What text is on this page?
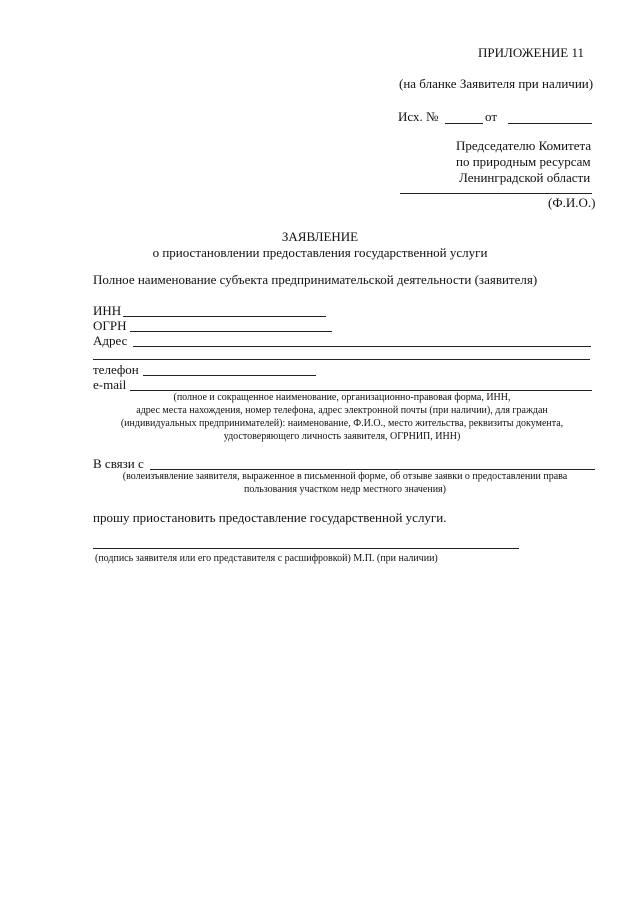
ПРИЛОЖЕНИЕ 11
(на бланке Заявителя при наличии)
Исх. №	от
Председателю Комитета
по природным ресурсам
Ленинградской области
(Ф.И.О.)
ЗАЯВЛЕНИЕ
о приостановлении предоставления государственной услуги
Полное наименование субъекта предпринимательской деятельности (заявителя)
ИНН
ОГРН
Адрес
телефон
e-mail
(полное и сокращенное наименование, организационно-правовая форма, ИНН,
адрес места нахождения, номер телефона, адрес электронной почты (при наличии), для граждан
(индивидуальных предпринимателей): наименование, Ф.И.О., место жительства, реквизиты документа,
удостоверяющего личность заявителя, ОГРНИП, ИНН)
В связи с
(волеизъявление заявителя, выраженное в письменной форме, об отзыве заявки о предоставлении права
пользования участком недр местного значения)
прошу приостановить предоставление государственной услуги.
(подпись заявителя или его представителя с расшифровкой) М.П. (при наличии)
